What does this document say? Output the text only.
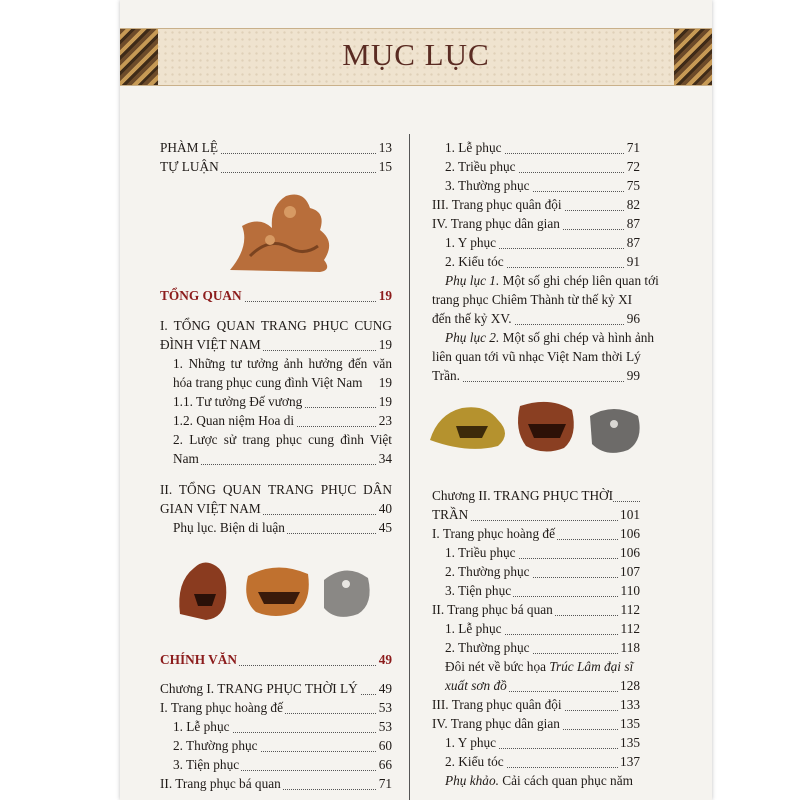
MỤC LỤC
PHÀM LỆ	13
TỰ LUẬN	15
TỔNG QUAN	19
I. TỔNG QUAN TRANG PHỤC CUNG
ĐÌNH VIỆT NAM	19
1. Những tư tưởng ảnh hưởng đến văn
hóa trang phục cung đình Việt Nam 19
1.1. Tư tưởng Đế vương	19
1.2. Quan niệm Hoa di	23
2. Lược sử trang phục cung đình Việt
Nam	34
II. TỔNG QUAN TRANG PHỤC DÂN
GIAN VIỆT NAM	40
Phụ lục. Biện di luận	45
CHÍNH VĂN	49
Chương I. TRANG PHỤC THỜI LÝ 49
I. Trang phục hoàng đế	53
1. Lễ phục	53
2. Thường phục	60
3. Tiện phục	66
II. Trang phục bá quan	71
1. Lễ phục	71
2. Triều phục	72
3. Thường phục	75
III. Trang phục quân đội	82
IV. Trang phục dân gian	87
1. Y phục	87
2. Kiểu tóc	91
Phụ lục 1. Một số ghi chép liên quan tới
trang phục Chiêm Thành từ thế kỷ XI
đến thế kỷ XV.	96
Phụ lục 2. Một số ghi chép và hình ảnh
liên quan tới vũ nhạc Việt Nam thời Lý
Trần.	99
Chương II. TRANG PHỤC THỜI TRẦN	101
I. Trang phục hoàng đế	106
1. Triều phục	106
2. Thường phục	107
3. Tiện phục	110
II. Trang phục bá quan	112
1. Lễ phục	112
2. Thường phục	118
Đôi nét về bức họa Trúc Lâm đại sĩ
xuất sơn đồ	128
III. Trang phục quân đội	133
IV. Trang phục dân gian	135
1. Y phục	135
2. Kiểu tóc	137
Phụ khảo. Cải cách quan phục năm
